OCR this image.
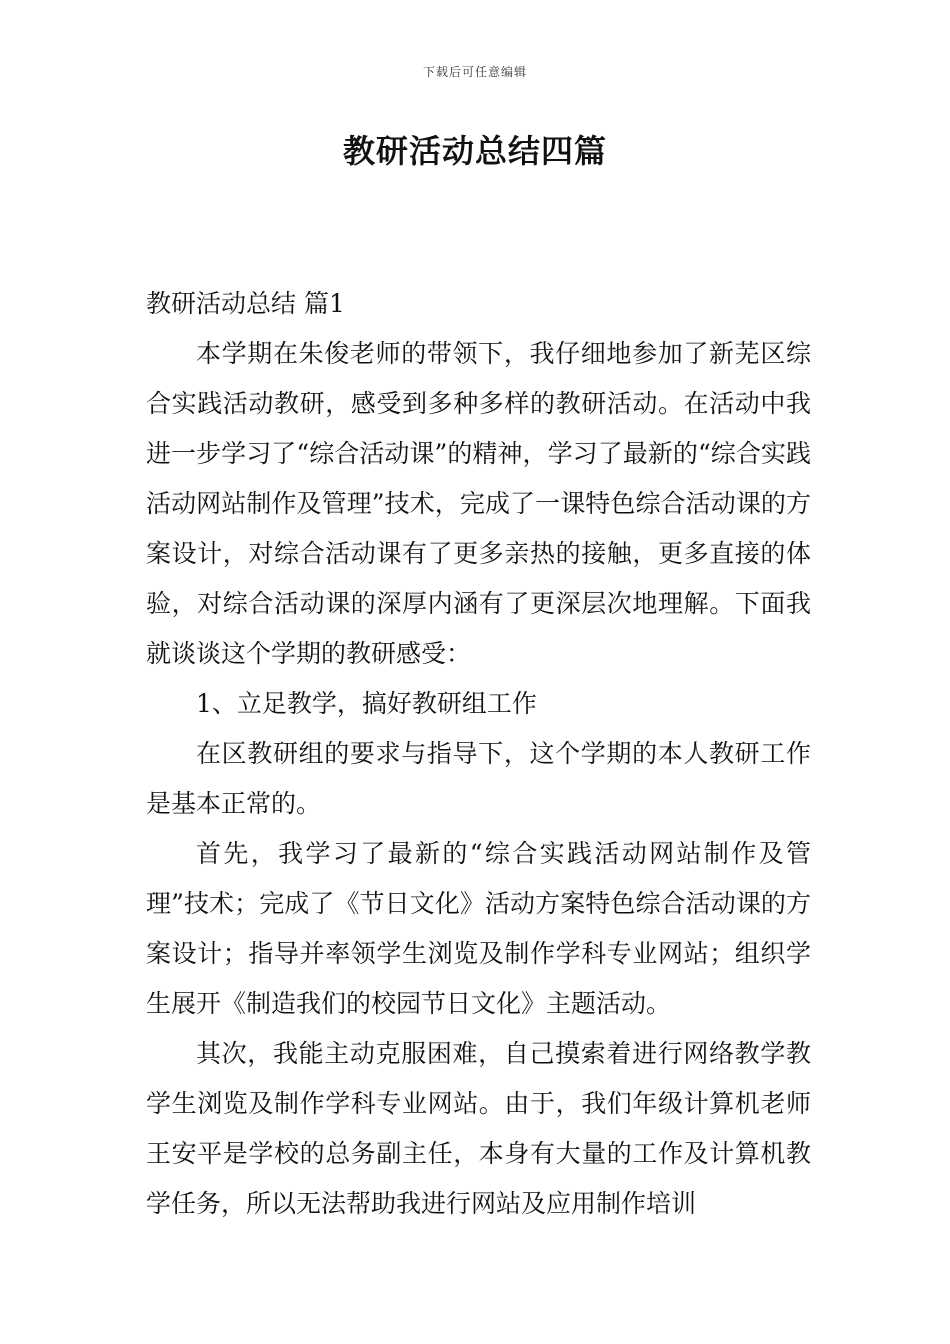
下载后可任意编辑
教研活动总结四篇

教研活动总结 篇1

本学期在朱俊老师的带领下，我仔细地参加了新芜区综合实践活动教研，感受到多种多样的教研活动。在活动中我进一步学习了“综合活动课”的精神，学习了最新的“综合实践活动网站制作及管理”技术，完成了一课特色综合活动课的方案设计，对综合活动课有了更多亲热的接触，更多直接的体验，对综合活动课的深厚内涵有了更深层次地理解。下面我就谈谈这个学期的教研感受：

1、立足教学，搞好教研组工作

在区教研组的要求与指导下，这个学期的本人教研工作是基本正常的。

首先，我学习了最新的“综合实践活动网站制作及管理”技术；完成了《节日文化》活动方案特色综合活动课的方案设计；指导并率领学生浏览及制作学科专业网站；组织学生展开《制造我们的校园节日文化》主题活动。

其次，我能主动克服困难，自己摸索着进行网络教学教学生浏览及制作学科专业网站。由于，我们年级计算机老师王安平是学校的总务副主任，本身有大量的工作及计算机教学任务，所以无法帮助我进行网站及应用制作培训
